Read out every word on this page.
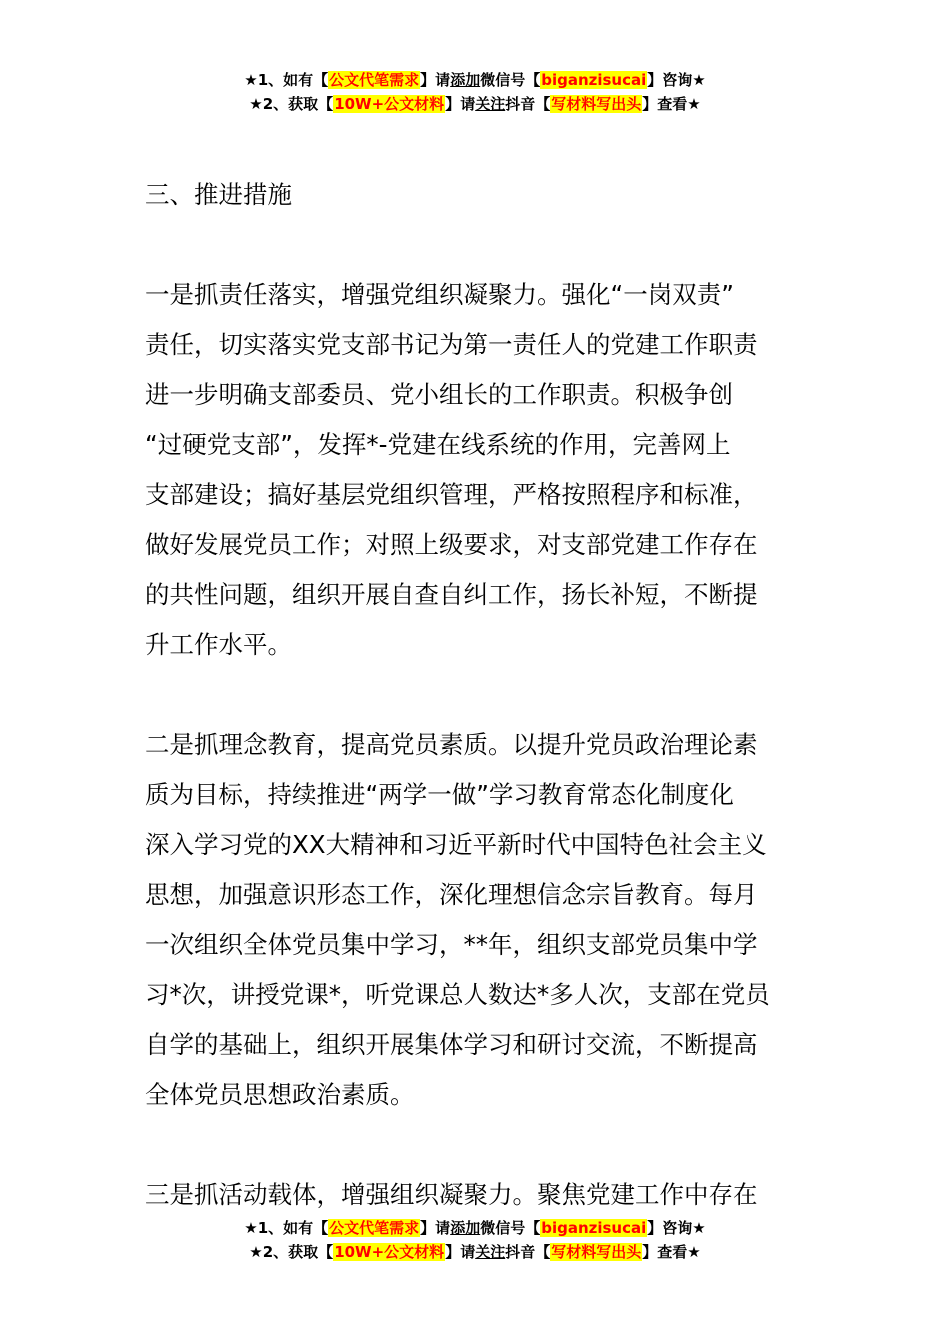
★1、如有【公文代笔需求】请添加微信号【biganzisucai】咨询★
★2、获取【10W+公文材料】请关注抖音【写材料写出头】查看★

三、推进措施

一是抓责任落实，增强党组织凝聚力。强化“一岗双责”
责任，切实落实党支部书记为第一责任人的党建工作职责
进一步明确支部委员、党小组长的工作职责。积极争创
“过硬党支部”，发挥*-党建在线系统的作用，完善网上
支部建设；搞好基层党组织管理，严格按照程序和标准，
做好发展党员工作；对照上级要求，对支部党建工作存在
的共性问题，组织开展自查自纠工作，扬长补短，不断提
升工作水平。

二是抓理念教育，提高党员素质。以提升党员政治理论素
质为目标，持续推进“两学一做”学习教育常态化制度化
深入学习党的XX大精神和习近平新时代中国特色社会主义
思想，加强意识形态工作，深化理想信念宗旨教育。每月
一次组织全体党员集中学习，**年，组织支部党员集中学
习*次，讲授党课*，听党课总人数达*多人次，支部在党员
自学的基础上，组织开展集体学习和研讨交流，不断提高
全体党员思想政治素质。

三是抓活动载体，增强组织凝聚力。聚焦党建工作中存在

★1、如有【公文代笔需求】请添加微信号【biganzisucai】咨询★
★2、获取【10W+公文材料】请关注抖音【写材料写出头】查看★
